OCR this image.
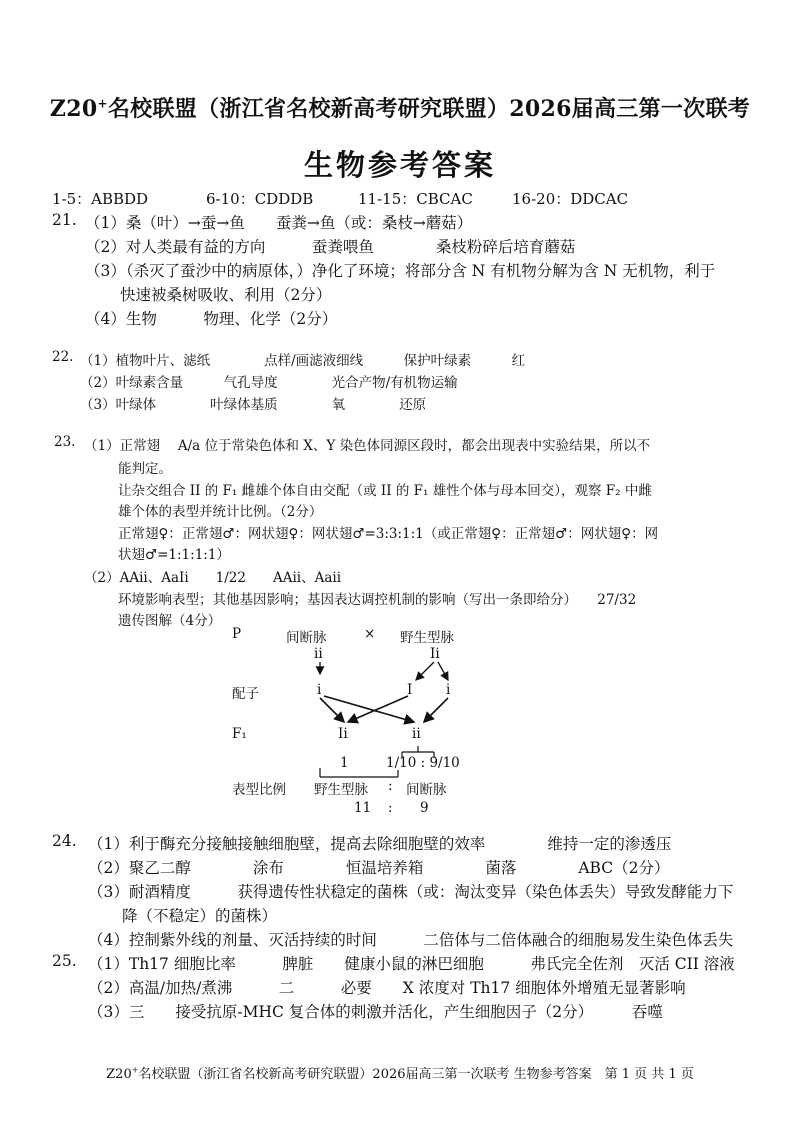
Z20+名校联盟（浙江省名校新高考研究联盟）2026届高三第一次联考
生物参考答案
1-5：ABBDD	6-10：CDDDB	11-15：CBCAC	16-20：DDCAC
21. （1）桑（叶）→蚕→鱼　　蚕粪→鱼（或：桑枝→蘑菇）
（2）对人类最有益的方向　　　蚕粪喂鱼　　　　桑枝粉碎后培育蘑菇
（3）（杀灭了蚕沙中的病原体，）净化了环境；将部分含 N 有机物分解为含 N 无机物，利于
快速被桑树吸收、利用（2分）
（4）生物　　　物理、化学（2分）
22. （1）植物叶片、滤纸　　　　点样/画滤液细线　　　保护叶绿素　　　红
（2）叶绿素含量　　　气孔导度　　　　光合产物/有机物运输
（3）叶绿体　　　　叶绿体基质　　　　氧　　　　还原
23. （1）正常翅　 A/a 位于常染色体和 X、Y 染色体同源区段时，都会出现表中实验结果，所以不
能判定。
让杂交组合 II 的 F₁ 雌雄个体自由交配（或 II 的 F₁ 雄性个体与母本回交），观察 F₂ 中雌
雄个体的表型并统计比例。（2分）
正常翅♀：正常翅♂：网状翅♀：网状翅♂=3:3:1:1（或正常翅♀：正常翅♂：网状翅♀：网
状翅♂=1:1:1:1）
（2）AAii、AaIi　　1/22　　AAii、Aaii
环境影响表型；其他基因影响；基因表达调控机制的影响（写出一条即给分）　　27/32
遗传图解（4分）
P	间断脉	× 野生型脉
ii	Ii
配子	i	I i
F₁	Ii	ii
1	1/10 : 9/10
表型比例 野生型脉 : 间断脉
11 : 9
24. （1）利于酶充分接触接触细胞壁，提高去除细胞壁的效率　　　　维持一定的渗透压
（2）聚乙二醇　　　　涂布　　　　恒温培养箱　　　　菌落　　　　ABC（2分）
（3）耐酒精度　　　获得遗传性状稳定的菌株（或：淘汰变异（染色体丢失）导致发酵能力下
降（不稳定）的菌株）
（4）控制紫外线的剂量、灭活持续的时间　　　二倍体与二倍体融合的细胞易发生染色体丢失
25. （1）Th17 细胞比率　　　脾脏　　健康小鼠的淋巴细胞　　　弗氏完全佐剂　灭活 CII 溶液
（2）高温/加热/煮沸　　　二　　　必要　　X 浓度对 Th17 细胞体外增殖无显著影响
（3）三　　接受抗原-MHC 复合体的刺激并活化，产生细胞因子（2分）　　　吞噬
Z20+名校联盟（浙江省名校新高考研究联盟）2026届高三第一次联考 生物参考答案　第 1 页 共 1 页
